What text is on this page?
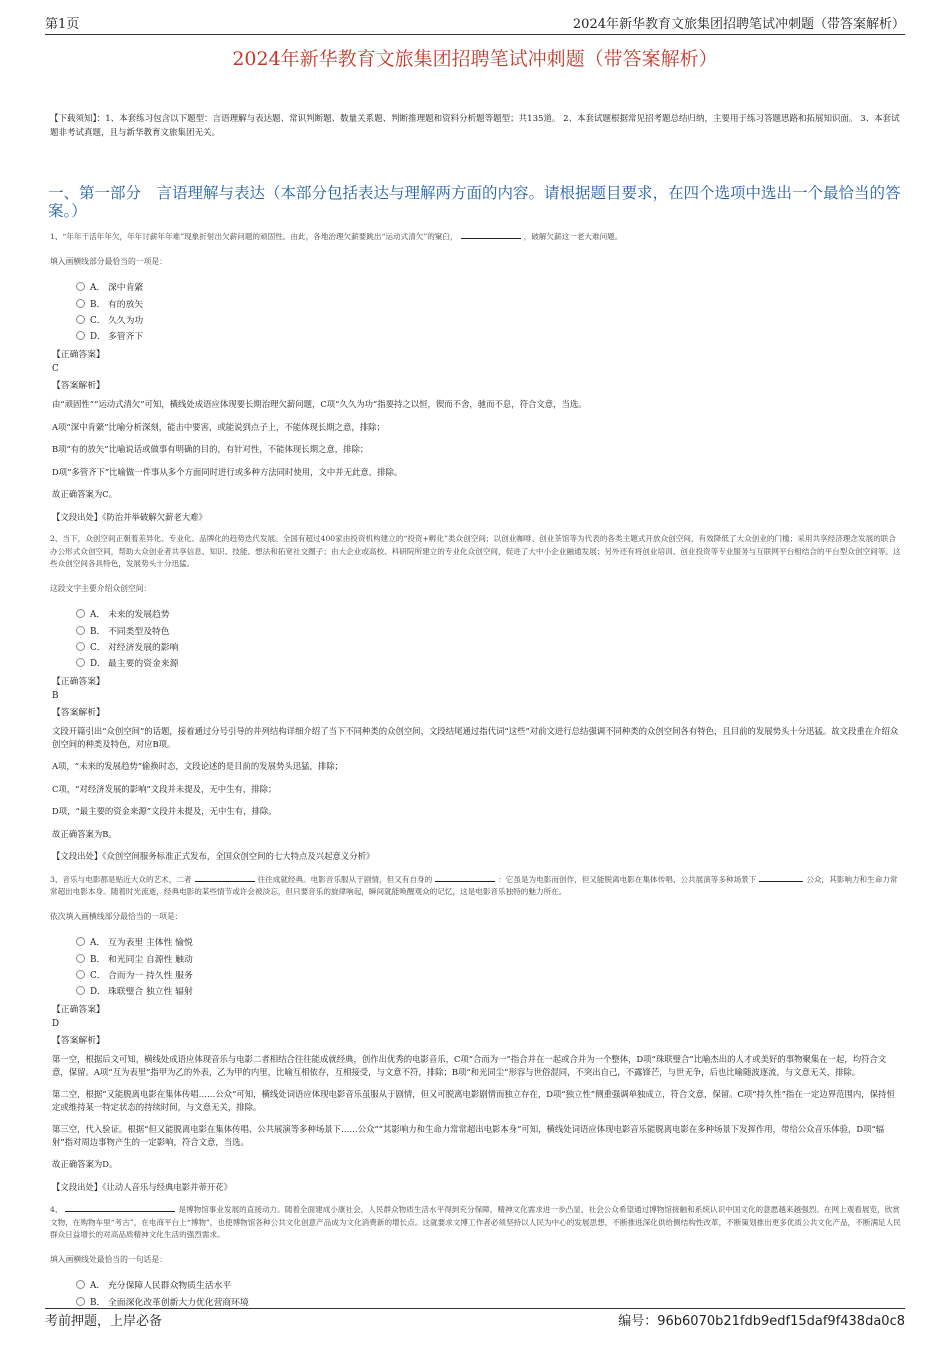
第1页	2024年新华教育文旅集团招聘笔试冲刺题（带答案解析）
2024年新华教育文旅集团招聘笔试冲刺题（带答案解析）

【下载须知】：1、本套练习包含以下题型：言语理解与表达题、常识判断题、数量关系题、判断推理题和资料分析题等题型；共135道。 2、本套试题根据常见招考题总结归纳，主要用于练习答题思路和拓展知识面。 3、本套试题非考试真题，且与新华教育文旅集团无关。

一、第一部分　言语理解与表达（本部分包括表达与理解两方面的内容。请根据题目要求，在四个选项中选出一个最恰当的答案。）

1、“年年干活年年欠，年年讨薪年年难”现象折射出欠薪问题的顽固性。由此，各地治理欠薪要跳出“运动式清欠”的窠臼，	，破解欠薪这一老大难问题。

填入画横线部分最恰当的一项是：

A． 深中肯綮
B． 有的放矢
C． 久久为功
D． 多管齐下
【正确答案】
C
【答案解析】

由“顽固性”“运动式清欠”可知，横线处成语应体现要长期治理欠薪问题，C项“久久为功”指要持之以恒，锲而不舍，驰而不息，符合文意，当选。

A项“深中肯綮”比喻分析深刻，能击中要害，或能说到点子上，不能体现长期之意，排除；

B项“有的放矢”比喻说话或做事有明确的目的，有针对性，不能体现长期之意，排除；

D项“多管齐下”比喻做一件事从多个方面同时进行或多种方法同时使用，文中并无此意，排除。

故正确答案为C。

【文段出处】《防治并举破解欠薪老大难》

2、当下，众创空间正朝着差异化、专业化、品牌化的趋势迭代发展。全国有超过400家由投资机构建立的“投资+孵化”类众创空间；以创业咖啡、创业茶馆等为代表的各类主题式开放众创空间，有效降低了大众创业的门槛；采用共享经济理念发展的联合办公形式众创空间，帮助大众创业者共享信息、知识、技能、想法和拓宽社交圈子；由大企业或高校、科研院所建立的专业化众创空间，促进了大中小企业融通发展；另外还有将创业培训、创业投资等专业服务与互联网平台相结合的平台型众创空间等。这些众创空间各具特色，发展势头十分迅猛。

这段文字主要介绍众创空间：

A． 未来的发展趋势
B． 不同类型及特色
C． 对经济发展的影响
D． 最主要的资金来源
【正确答案】
B
【答案解析】

文段开篇引出“众创空间”的话题，接着通过分号引导的并列结构详细介绍了当下不同种类的众创空间，文段结尾通过指代词“这些”对前文进行总结强调不同种类的众创空间各有特色，且目前的发展势头十分迅猛。故文段重在介绍众创空间的种类及特色，对应B项。

A项，“未来的发展趋势”偷换时态，文段论述的是目前的发展势头迅猛，排除；

C项，“对经济发展的影响”文段并未提及，无中生有，排除；

D项，“最主要的资金来源”文段并未提及，无中生有，排除。

故正确答案为B。

【文段出处】《众创空间服务标准正式发布，全国众创空间的七大特点及兴起意义分析》

3、音乐与电影都是贴近大众的艺术，二者	往往成就经典。电影音乐服从于剧情，但又有自身的	：它虽是为电影而创作，但又能脱离电影在集体传唱、公共展演等多种场景下	公众，其影响力和生命力常常超出电影本身。随着时光流逝，经典电影的某些情节或许会被淡忘，但只要音乐的旋律响起，瞬间就能唤醒观众的记忆，这是电影音乐独特的魅力所在。

依次填入画横线部分最恰当的一项是：

A． 互为表里 主体性 愉悦
B． 和光同尘 自源性 触动
C． 合而为一 持久性 服务
D． 珠联璧合 独立性 辐射
【正确答案】
D
【答案解析】

第一空，根据后文可知，横线处成语应体现音乐与电影二者相结合往往能成就经典，创作出优秀的电影音乐，C项“合而为一”指合并在一起或合并为一个整体，D项“珠联璧合”比喻杰出的人才或美好的事物聚集在一起，均符合文意，保留。A项“互为表里”指甲为乙的外表，乙为甲的内里，比喻互相依存，互相接受，与文意不符，排除；B项“和光同尘”形容与世俗混同，不突出自己，不露锋芒，与世无争，后也比喻随波逐流，与文意无关，排除。

第二空，根据“又能脱离电影在集体传唱……公众”可知，横线处词语应体现电影音乐虽服从于剧情，但又可脱离电影剧情而独立存在，D项“独立性”侧重强调单独成立，符合文意，保留。C项“持久性”指在一定边界范围内，保持恒定或维持某一特定状态的持续时间，与文意无关，排除。

第三空，代入验证。根据“但又能脱离电影在集体传唱、公共展演等多种场景下……公众”“其影响力和生命力常常超出电影本身”可知，横线处词语应体现电影音乐能脱离电影在多种场景下发挥作用，带给公众音乐体验，D项“辐射”指对周边事物产生的一定影响，符合文意，当选。

故正确答案为D。

【文段出处】《让动人音乐与经典电影并蒂开花》

4、	是博物馆事业发展的直接动力。随着全面建成小康社会，人民群众物质生活水平得到充分保障，精神文化需求进一步凸显，社会公众希望通过博物馆接触和系统认识中国文化的意愿越来越强烈。在网上观看展览，欣赏文物，在购物车里“考古”，在电商平台上“博物”，也使博物馆各种公共文化创意产品成为文化消费新的增长点。这就要求文博工作者必须坚持以人民为中心的发展思想，不断推进深化供给侧结构性改革，不断策划推出更多优质公共文化产品，不断满足人民群众日益增长的对高品质精神文化生活的强烈需求。

填入画横线处最恰当的一句话是：

A． 充分保障人民群众物质生活水平
B． 全面深化改革创新大力优化营商环境
考前押题，上岸必备	编号：96b6070b21fdb9edf15daf9f438da0c8
